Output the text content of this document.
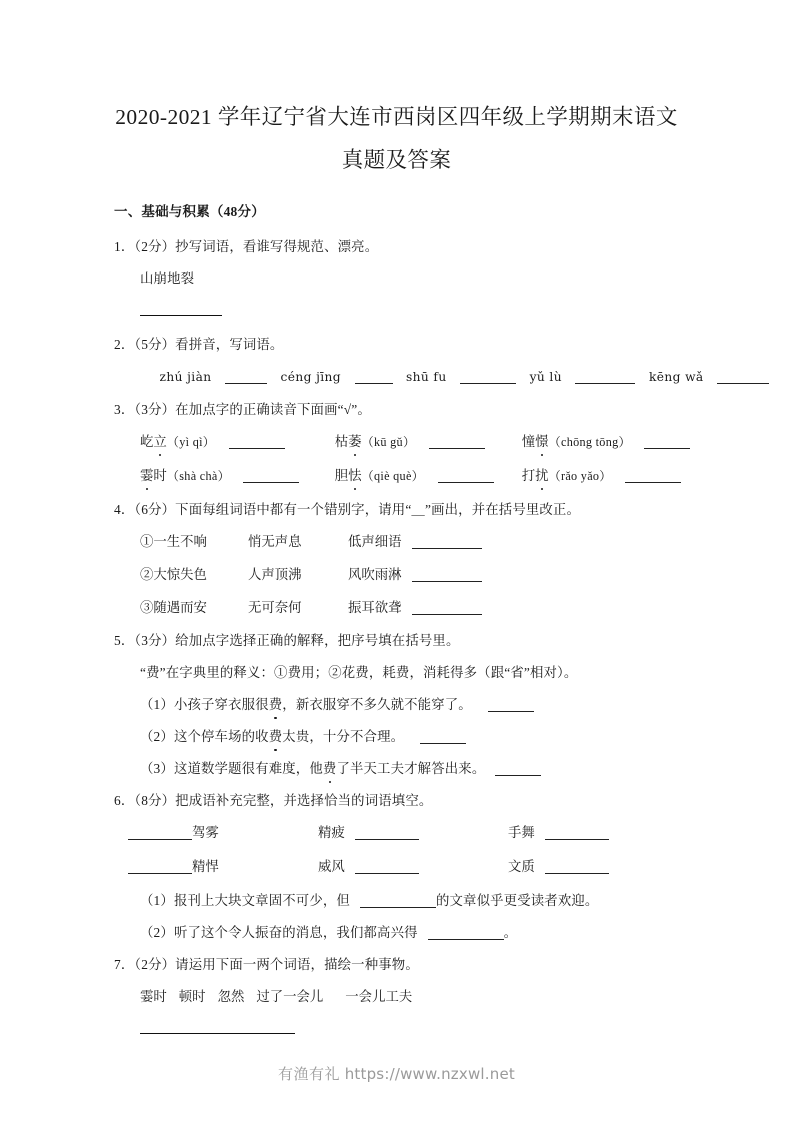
2020-2021 学年辽宁省大连市西岗区四年级上学期期末语文
真题及答案
一、基础与积累（48分）
1．（2分）抄写词语，看谁写得规范、漂亮。
山崩地裂
2．（5分）看拼音，写词语。
zhú jiàn	céng jīng	shū fu	yǔ lù	kēng wǎ
3．（3分）在加点字的正确读音下面画“√”。
屹立（yì qì）	枯萎（kū gǔ）	憧憬（chōng tōng）
霎时（shà chà）	胆怯（qiè què）	打扰（rǎo yǎo）
4．（6分）下面每组词语中都有一个错别字，请用“＿”画出，并在括号里改正。
①一生不响	悄无声息	低声细语
②大惊失色	人声顶沸	风吹雨淋
③随遇而安	无可奈何	振耳欲聋
5．（3分）给加点字选择正确的解释，把序号填在括号里。
“费”在字典里的释义：①费用；②花费，耗费，消耗得多（跟“省”相对）。
（1）小孩子穿衣服很费，新衣服穿不多久就不能穿了。
（2）这个停车场的收费太贵，十分不合理。
（3）这道数学题很有难度，他费了半天工夫才解答出来。
6．（8分）把成语补充完整，并选择恰当的词语填空。
驾雾	精疲	手舞
精悍	威风	文质
（1）报刊上大块文章固不可少，但	的文章似乎更受读者欢迎。
（2）听了这个令人振奋的消息，我们都高兴得	。
7．（2分）请运用下面一两个词语，描绘一种事物。
霎时 顿时 忽然 过了一会儿 一会儿工夫
有渔有礼 https://www.nzxwl.net
